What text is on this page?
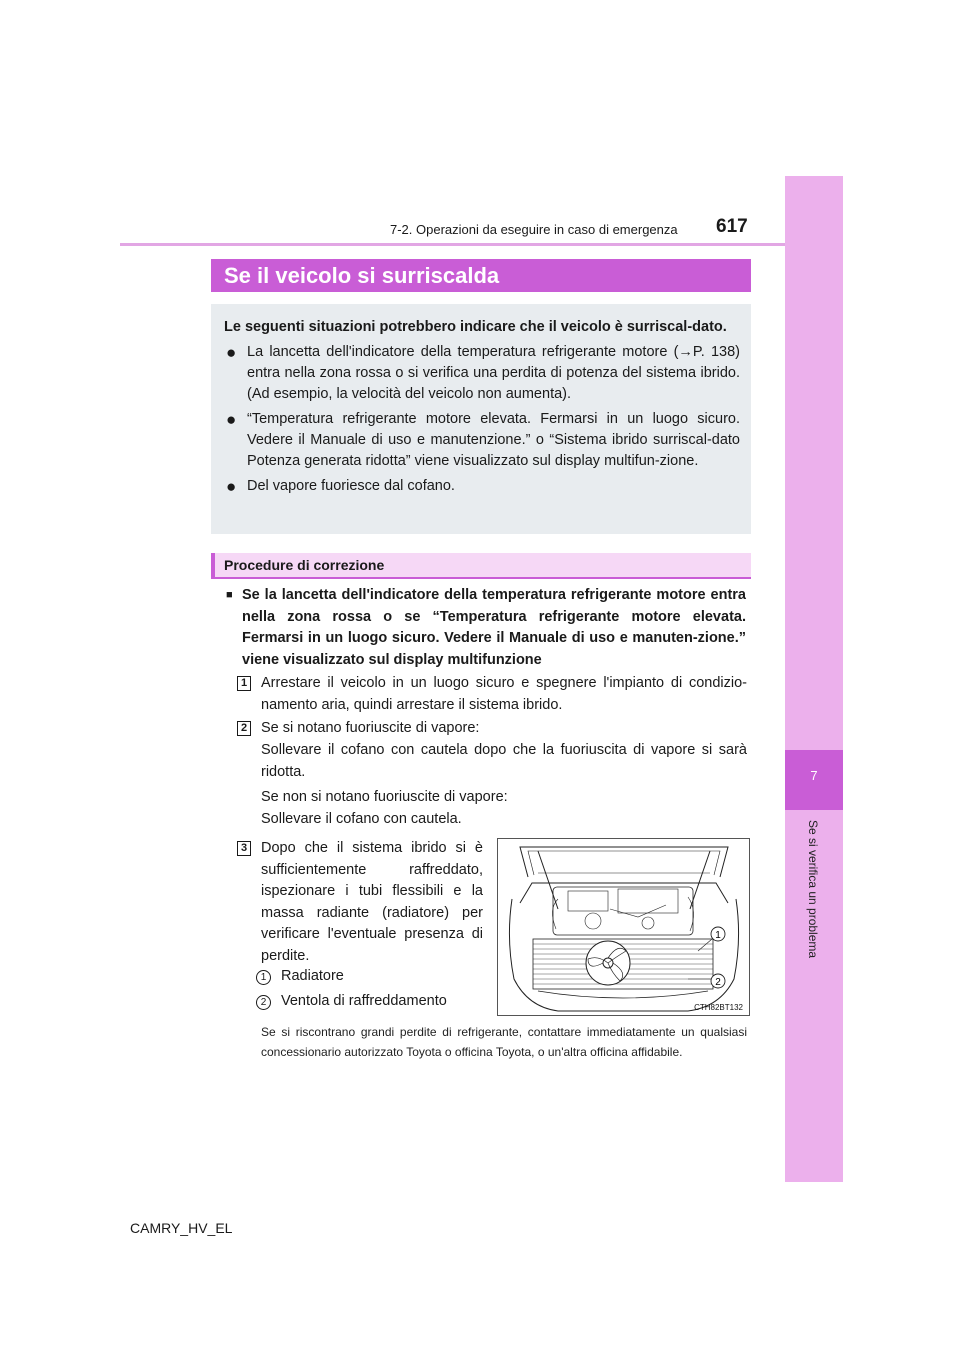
7
Se si verifica un problema
7-2. Operazioni da eseguire in caso di emergenza 617
Se il veicolo si surriscalda
Le seguenti situazioni potrebbero indicare che il veicolo è surriscal-dato.
● La lancetta dell'indicatore della temperatura refrigerante motore (→P. 138) entra nella zona rossa o si verifica una perdita di potenza del sistema ibrido. (Ad esempio, la velocità del veicolo non aumenta).
● “Temperatura refrigerante motore elevata. Fermarsi in un luogo sicuro. Vedere il Manuale di uso e manutenzione.” o “Sistema ibrido surriscal-dato Potenza generata ridotta” viene visualizzato sul display multifun-zione.
● Del vapore fuoriesce dal cofano.
Procedure di correzione
■ Se la lancetta dell'indicatore della temperatura refrigerante motore entra nella zona rossa o se “Temperatura refrigerante motore elevata. Fermarsi in un luogo sicuro. Vedere il Manuale di uso e manuten-zione.” viene visualizzato sul display multifunzione
1 Arrestare il veicolo in un luogo sicuro e spegnere l'impianto di condizio-namento aria, quindi arrestare il sistema ibrido.
2 Se si notano fuoriuscite di vapore:
Sollevare il cofano con cautela dopo che la fuoriuscita di vapore si sarà ridotta.
Se non si notano fuoriuscite di vapore:
Sollevare il cofano con cautela.
3 Dopo che il sistema ibrido si è sufficientemente raffreddato, ispezionare i tubi flessibili e la massa radiante (radiatore) per verificare l'eventuale presenza di perdite.
1	Radiatore
2	Ventola di raffreddamento
1
2
CTH82BT132
Se si riscontrano grandi perdite di refrigerante, contattare immediatamente un qualsiasi concessionario autorizzato Toyota o officina Toyota, o un'altra officina affidabile.
CAMRY_HV_EL
